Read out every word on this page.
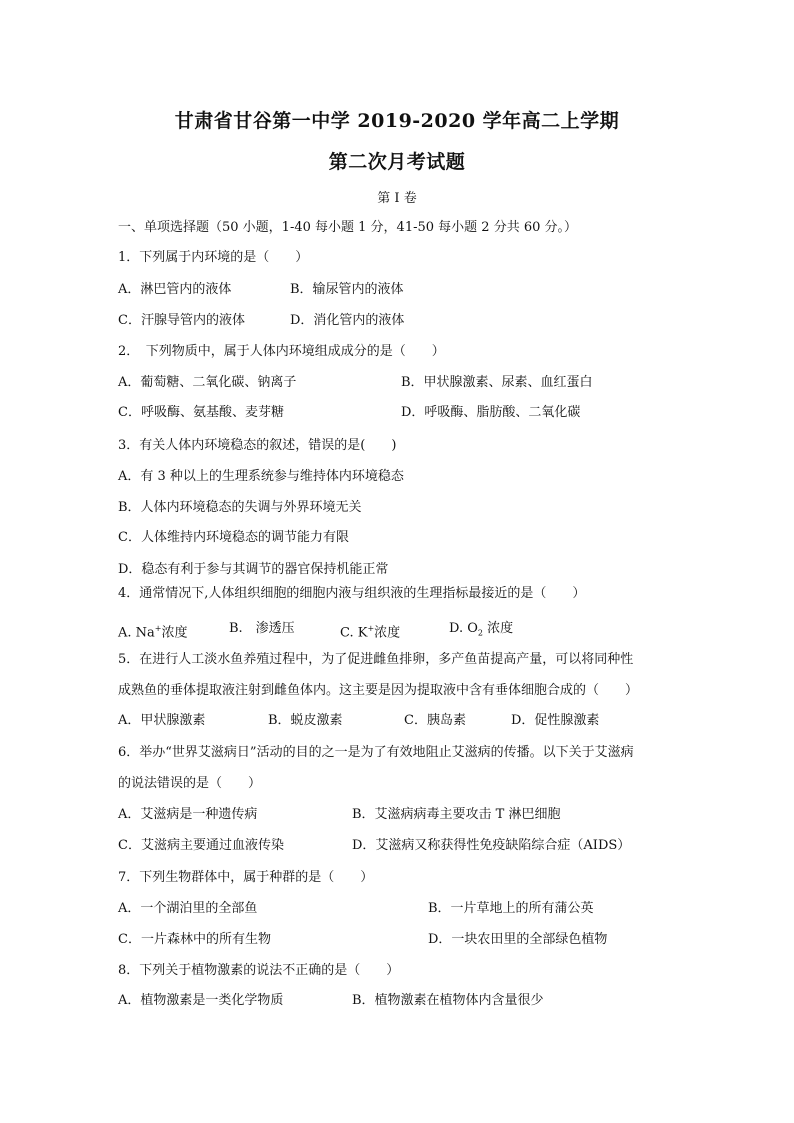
甘肃省甘谷第一中学 2019-2020 学年高二上学期
第二次月考试题
第 I 卷
一、单项选择题（50 小题，1-40 每小题 1 分，41-50 每小题 2 分共 60 分。）
1．下列属于内环境的是（　　）
A．淋巴管内的液体	B．输尿管内的液体
C．汗腺导管内的液体	D．消化管内的液体
2．　下列物质中，属于人体内环境组成成分的是（　　）
A．葡萄糖、二氧化碳、钠离子	B．甲状腺激素、尿素、血红蛋白
C．呼吸酶、氨基酸、麦芽糖	D．呼吸酶、脂肪酸、二氧化碳
3．有关人体内环境稳态的叙述，错误的是(　　)
A．有 3 种以上的生理系统参与维持体内环境稳态
B．人体内环境稳态的失调与外界环境无关
C．人体维持内环境稳态的调节能力有限
D．稳态有利于参与其调节的器官保持机能正常
4．通常情况下,人体组织细胞的细胞内液与组织液的生理指标最接近的是（　　）
A. Na+浓度	B.　渗透压	C. K+浓度	D. $O_2$ 浓度
5．在进行人工淡水鱼养殖过程中，为了促进雌鱼排卵，多产鱼苗提高产量，可以将同种性
成熟鱼的垂体提取液注射到雌鱼体内。这主要是因为提取液中含有垂体细胞合成的（　　）
A．甲状腺激素	B．蜕皮激素	C．胰岛素	D．促性腺激素
6．举办“世界艾滋病日”活动的目的之一是为了有效地阻止艾滋病的传播。以下关于艾滋病
的说法错误的是（　　）
A．艾滋病是一种遗传病	B．艾滋病病毒主要攻击 T 淋巴细胞
C．艾滋病主要通过血液传染	D．艾滋病又称获得性免疫缺陷综合症（AIDS）
7．下列生物群体中，属于种群的是（　　）
A．一个湖泊里的全部鱼	B．一片草地上的所有蒲公英
C．一片森林中的所有生物	D．一块农田里的全部绿色植物
8．下列关于植物激素的说法不正确的是（　　）
A．植物激素是一类化学物质	B．植物激素在植物体内含量很少
